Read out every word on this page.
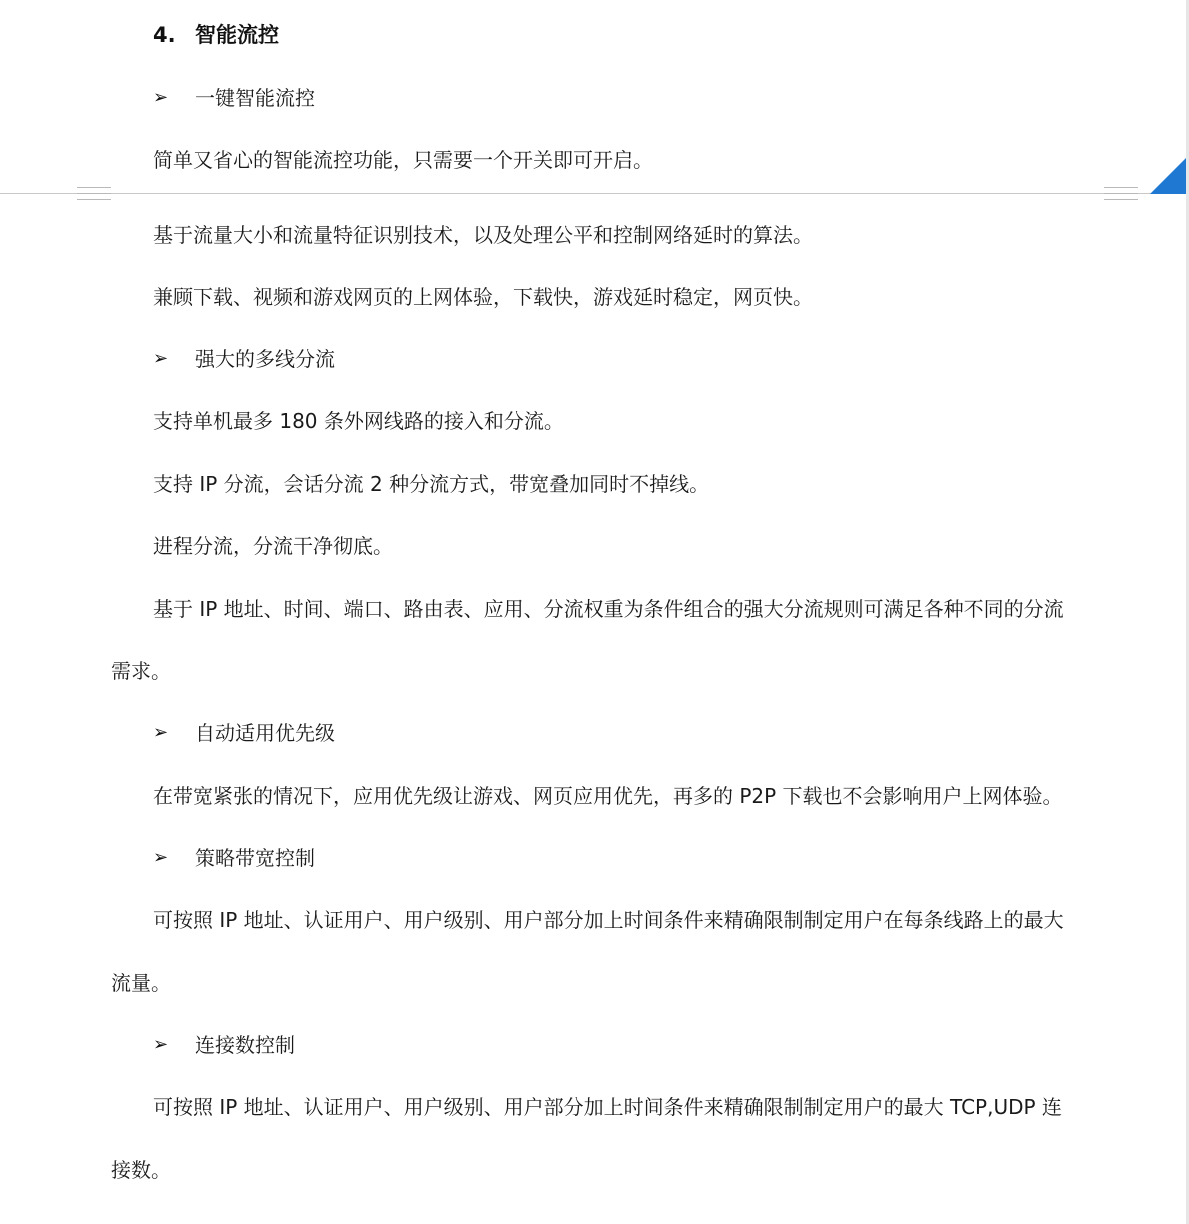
4. 智能流控
➢ 一键智能流控
简单又省心的智能流控功能，只需要一个开关即可开启。
基于流量大小和流量特征识别技术，以及处理公平和控制网络延时的算法。
兼顾下载、视频和游戏网页的上网体验，下载快，游戏延时稳定，网页快。
➢ 强大的多线分流
支持单机最多 180 条外网线路的接入和分流。
支持 IP 分流，会话分流 2 种分流方式，带宽叠加同时不掉线。
进程分流，分流干净彻底。
基于 IP 地址、时间、端口、路由表、应用、分流权重为条件组合的强大分流规则可满足各种不同的分流
需求。
➢ 自动适用优先级
在带宽紧张的情况下，应用优先级让游戏、网页应用优先，再多的 P2P 下载也不会影响用户上网体验。
➢ 策略带宽控制
可按照 IP 地址、认证用户、用户级别、用户部分加上时间条件来精确限制制定用户在每条线路上的最大
流量。
➢ 连接数控制
可按照 IP 地址、认证用户、用户级别、用户部分加上时间条件来精确限制制定用户的最大 TCP,UDP 连
接数。
